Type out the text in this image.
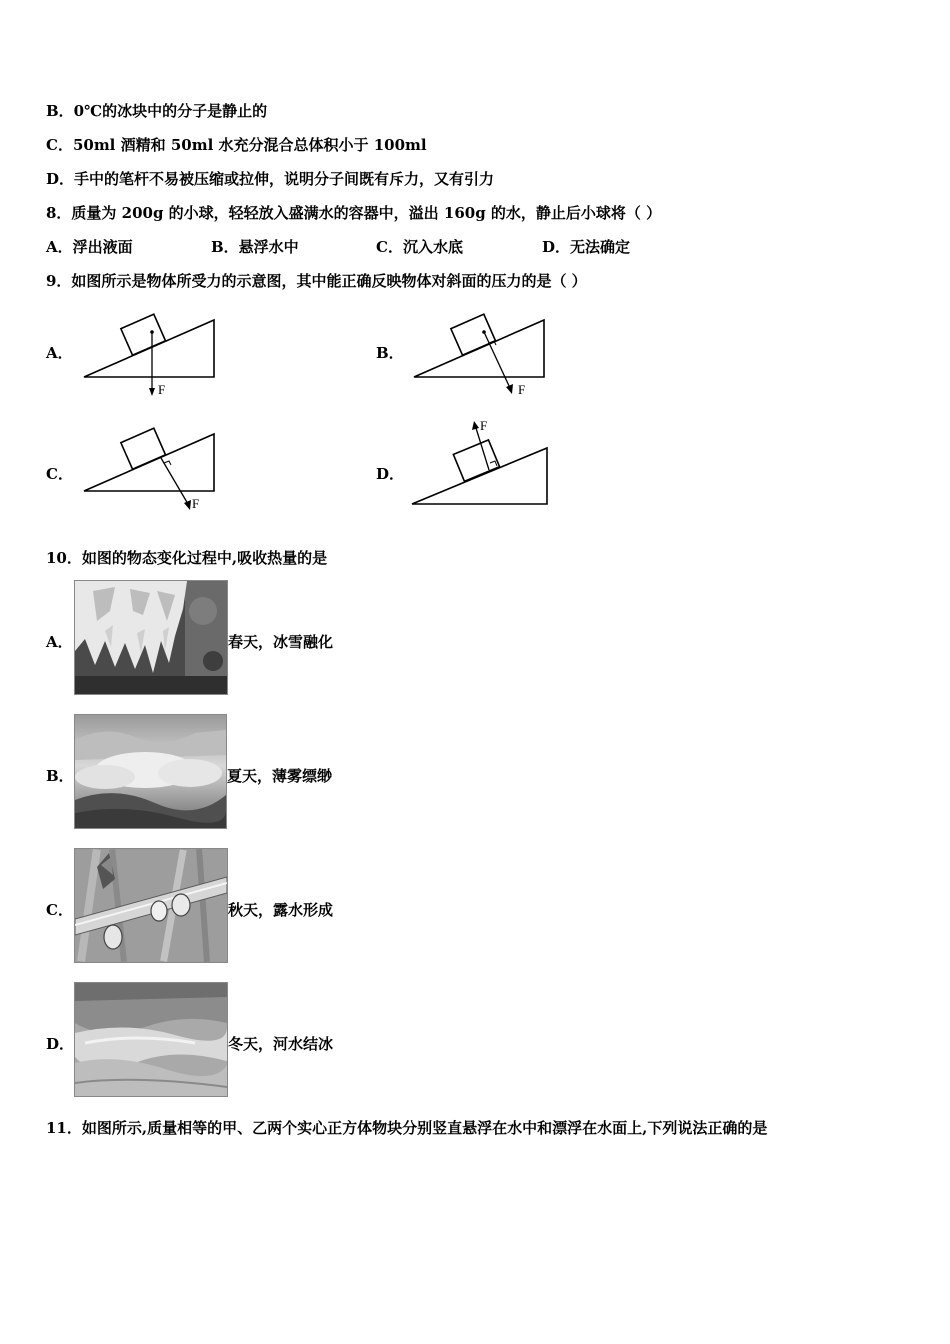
B．0℃的冰块中的分子是静止的
C．50ml 酒精和 50ml 水充分混合总体积小于 100ml
D．手中的笔杆不易被压缩或拉伸，说明分子间既有斥力，又有引力
8．质量为 200g 的小球，轻轻放入盛满水的容器中，溢出 160g 的水，静止后小球将（ ）
A．浮出液面	B．悬浮水中	C．沉入水底	D．无法确定
9．如图所示是物体所受力的示意图，其中能正确反映物体对斜面的压力的是（ ）
A．
F
B．
F
C．
F
D．
F
10．如图的物态变化过程中,吸收热量的是
A．	春天，冰雪融化
B．	夏天，薄雾缥缈
C．	秋天，露水形成
D．	冬天，河水结冰
11．如图所示,质量相等的甲、乙两个实心正方体物块分别竖直悬浮在水中和漂浮在水面上,下列说法正确的是
